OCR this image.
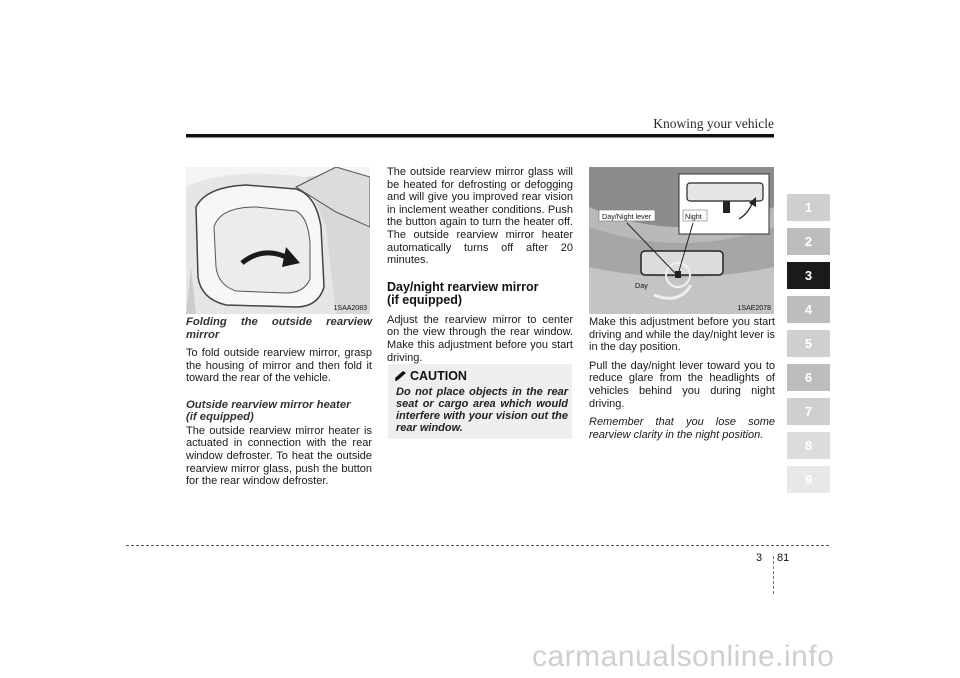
Knowing your vehicle
1SAA2083

Folding the outside rearview mirror

To fold outside rearview mirror, grasp the housing of mirror and then fold it toward the rear of the vehicle.

Outside rearview mirror heater

(if equipped)

The outside rearview mirror heater is actuated in connection with the rear window defroster. To heat the outside rearview mirror glass, push the button for the rear window defroster.

The outside rearview mirror glass will be heated for defrosting or defogging and will give you improved rear vision in inclement weather conditions. Push the button again to turn the heater off. The outside rearview mirror heater automatically turns off after 20 minutes.

Day/night rearview mirror

(if equipped)

Adjust the rearview mirror to center on the view through the rear window. Make this adjustment before you start driving.

CAUTION
Do not place objects in the rear seat or cargo area which would interfere with your vision out the rear window.
Day/Night lever	Night
Day
1SAE2078

Make this adjustment before you start driving and while the day/night lever is in the day position.

Pull the day/night lever toward you to reduce glare from the headlights of vehicles behind you during night driving.

Remember that you lose some rearview clarity in the night position.

1
2
3
4
5
6
7
8
9
3 81
carmanualsonline.info
